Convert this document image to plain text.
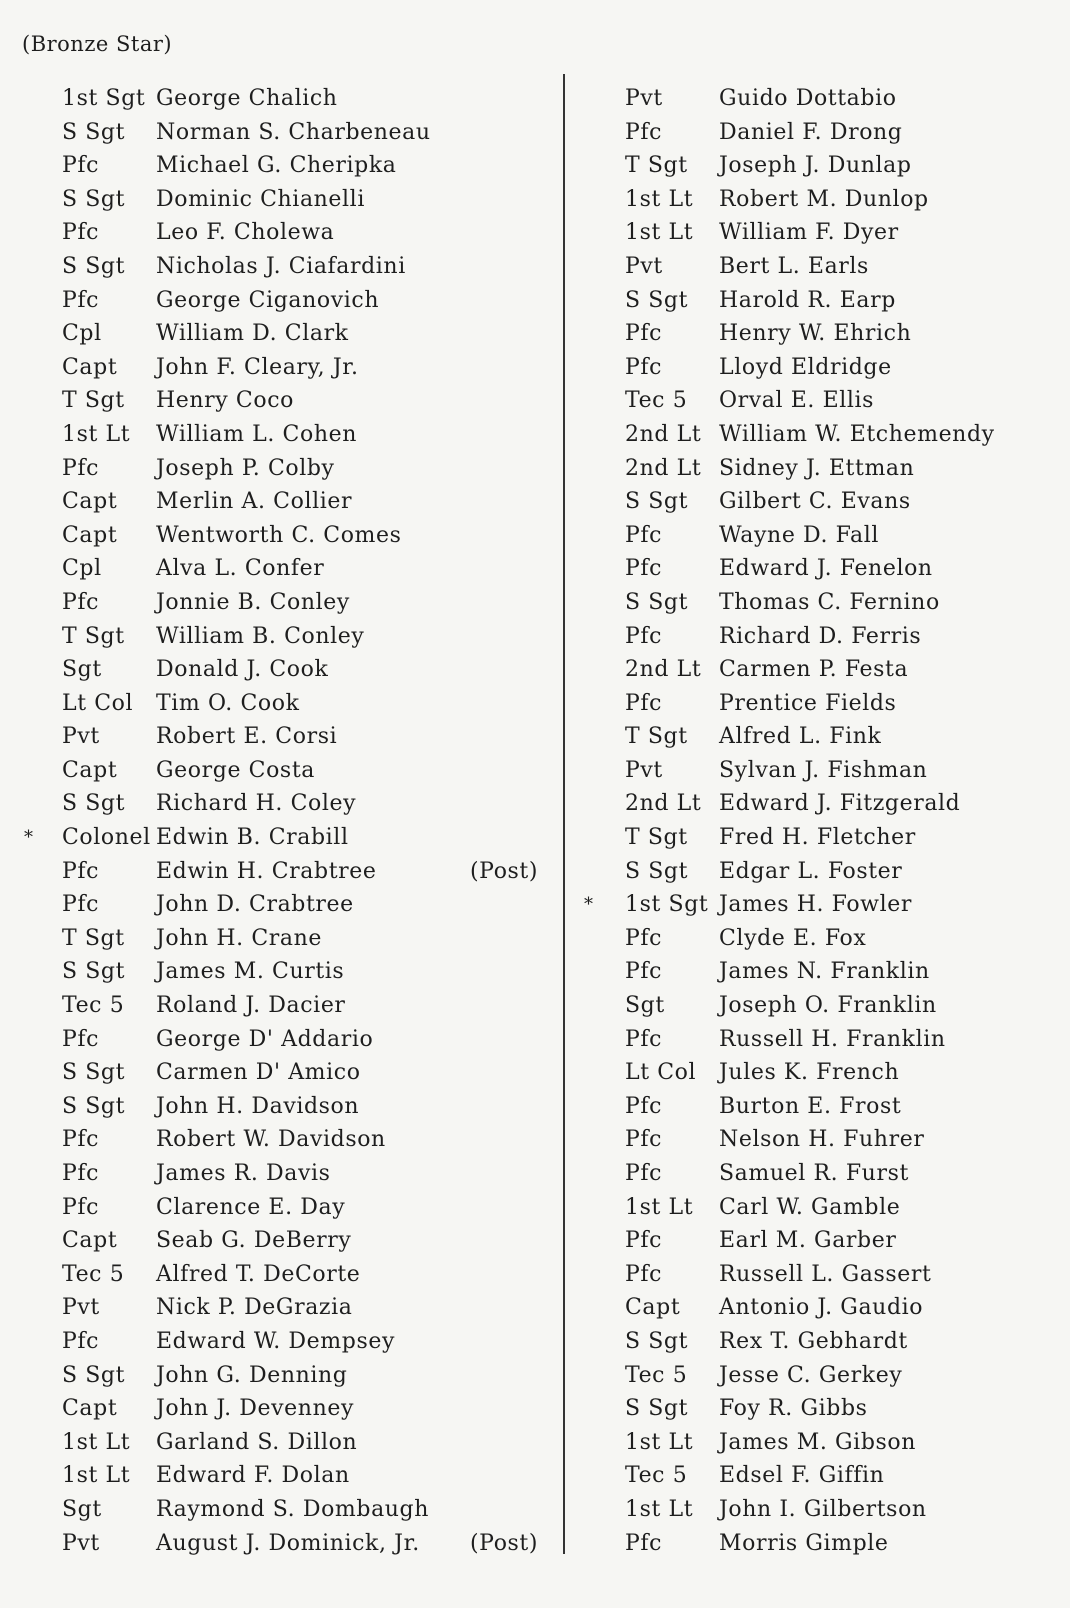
(Bronze Star)
1st Sgt George Chalich
S Sgt Norman S. Charbeneau
Pfc	Michael G. Cheripka
S Sgt Dominic Chianelli
Pfc	Leo F. Cholewa
S Sgt Nicholas J. Ciafardini
Pfc	George Ciganovich
Cpl William D. Clark
Capt John F. Cleary, Jr.
T Sgt Henry Coco
1st Lt William L. Cohen
Pfc	Joseph P. Colby
Capt Merlin A. Collier
Capt Wentworth C. Comes
Cpl Alva L. Confer
Pfc	Jonnie B. Conley
T Sgt William B. Conley
Sgt Donald J. Cook
Lt Col Tim O. Cook
Pvt	Robert E. Corsi
Capt George Costa
S Sgt Richard H. Coley
* Colonel Edwin B. Crabill
Pfc	Edwin H. Crabtree	(Post)
Pfc	John D. Crabtree
T Sgt John H. Crane
S Sgt James M. Curtis
Tec 5 Roland J. Dacier
Pfc	George D' Addario
S Sgt Carmen D' Amico
S Sgt John H. Davidson
Pfc	Robert W. Davidson
Pfc	James R. Davis
Pfc	Clarence E. Day
Capt Seab G. DeBerry
Tec 5 Alfred T. DeCorte
Pvt	Nick P. DeGrazia
Pfc	Edward W. Dempsey
S Sgt John G. Denning
Capt John J. Devenney
1st Lt Garland S. Dillon
1st Lt Edward F. Dolan
Sgt Raymond S. Dombaugh
Pvt	August J. Dominick, Jr. (Post)
Pvt	Guido Dottabio
Pfc	Daniel F. Drong
T Sgt Joseph J. Dunlap
1st Lt Robert M. Dunlop
1st Lt William F. Dyer
Pvt	Bert L. Earls
S Sgt Harold R. Earp
Pfc	Henry W. Ehrich
Pfc	Lloyd Eldridge
Tec 5 Orval E. Ellis
2nd Lt William W. Etchemendy
2nd Lt Sidney J. Ettman
S Sgt Gilbert C. Evans
Pfc	Wayne D. Fall
Pfc	Edward J. Fenelon
S Sgt Thomas C. Fernino
Pfc	Richard D. Ferris
2nd Lt Carmen P. Festa
Pfc	Prentice Fields
T Sgt Alfred L. Fink
Pvt	Sylvan J. Fishman
2nd Lt Edward J. Fitzgerald
T Sgt Fred H. Fletcher
S Sgt Edgar L. Foster
* 1st Sgt James H. Fowler
Pfc	Clyde E. Fox
Pfc	James N. Franklin
Sgt Joseph O. Franklin
Pfc	Russell H. Franklin
Lt Col Jules K. French
Pfc	Burton E. Frost
Pfc	Nelson H. Fuhrer
Pfc	Samuel R. Furst
1st Lt Carl W. Gamble
Pfc	Earl M. Garber
Pfc	Russell L. Gassert
Capt Antonio J. Gaudio
S Sgt Rex T. Gebhardt
Tec 5 Jesse C. Gerkey
S Sgt Foy R. Gibbs
1st Lt James M. Gibson
Tec 5 Edsel F. Giffin
1st Lt John I. Gilbertson
Pfc	Morris Gimple
